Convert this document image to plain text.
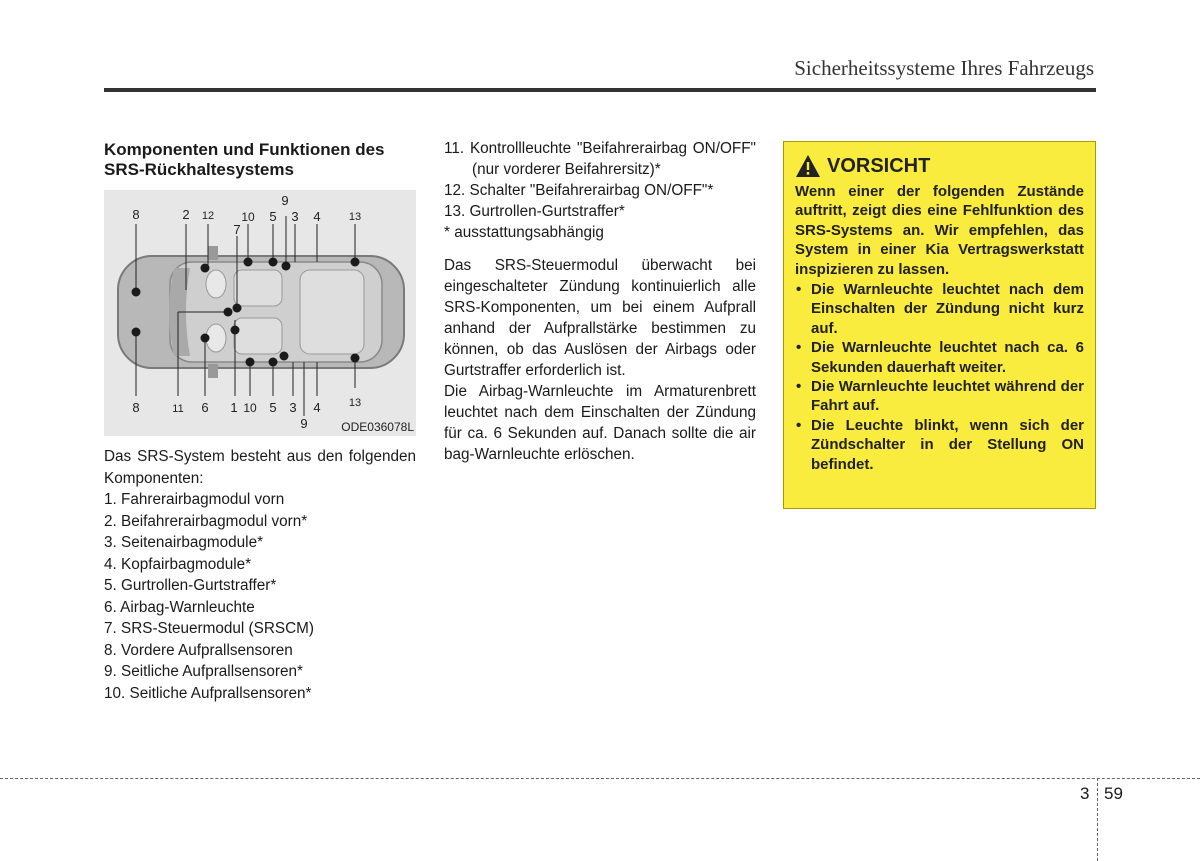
Sicherheitssysteme Ihres Fahrzeugs
Komponenten und Funktionen des SRS-Rückhaltesystems
8	2 12 10 5 3 4	13
9
7
8	11 6 1 10 5 3 4	13
9	ODE036078L
Das SRS-System besteht aus den folgenden Komponenten:
1. Fahrerairbagmodul vorn
2. Beifahrerairbagmodul vorn*
3. Seitenairbagmodule*
4. Kopfairbagmodule*
5. Gurtrollen-Gurtstraffer*
6. Airbag-Warnleuchte
7. SRS-Steuermodul (SRSCM)
8. Vordere Aufprallsensoren
9. Seitliche Aufprallsensoren*
10. Seitliche Aufprallsensoren*

11. Kontrollleuchte "Beifahrerairbag ON/OFF" (nur vorderer Beifahrersitz)*

12. Schalter "Beifahrerairbag ON/OFF"*

13. Gurtrollen-Gurtstraffer*

* ausstattungsabhängig

Das SRS-Steuermodul überwacht bei eingeschalteter Zündung kontinuierlich alle SRS-Komponenten, um bei einem Aufprall anhand der Aufprallstärke bestimmen zu können, ob das Auslösen der Airbags oder Gurtstraffer erforderlich ist.

Die Airbag-Warnleuchte im Armaturenbrett leuchtet nach dem Einschalten der Zündung für ca. 6 Sekunden auf. Danach sollte die air bag-Warnleuchte erlöschen.

VORSICHT
Wenn einer der folgenden Zustände auftritt, zeigt dies eine Fehlfunktion des SRS-Systems an. Wir empfehlen, das System in einer Kia Vertragswerkstatt inspizieren zu lassen.
• Die Warnleuchte leuchtet nach dem Einschalten der Zündung nicht kurz auf.
• Die Warnleuchte leuchtet nach ca. 6 Sekunden dauerhaft weiter.
• Die Warnleuchte leuchtet während der Fahrt auf.
• Die Leuchte blinkt, wenn sich der Zündschalter in der Stellung ON befindet.
3 59
